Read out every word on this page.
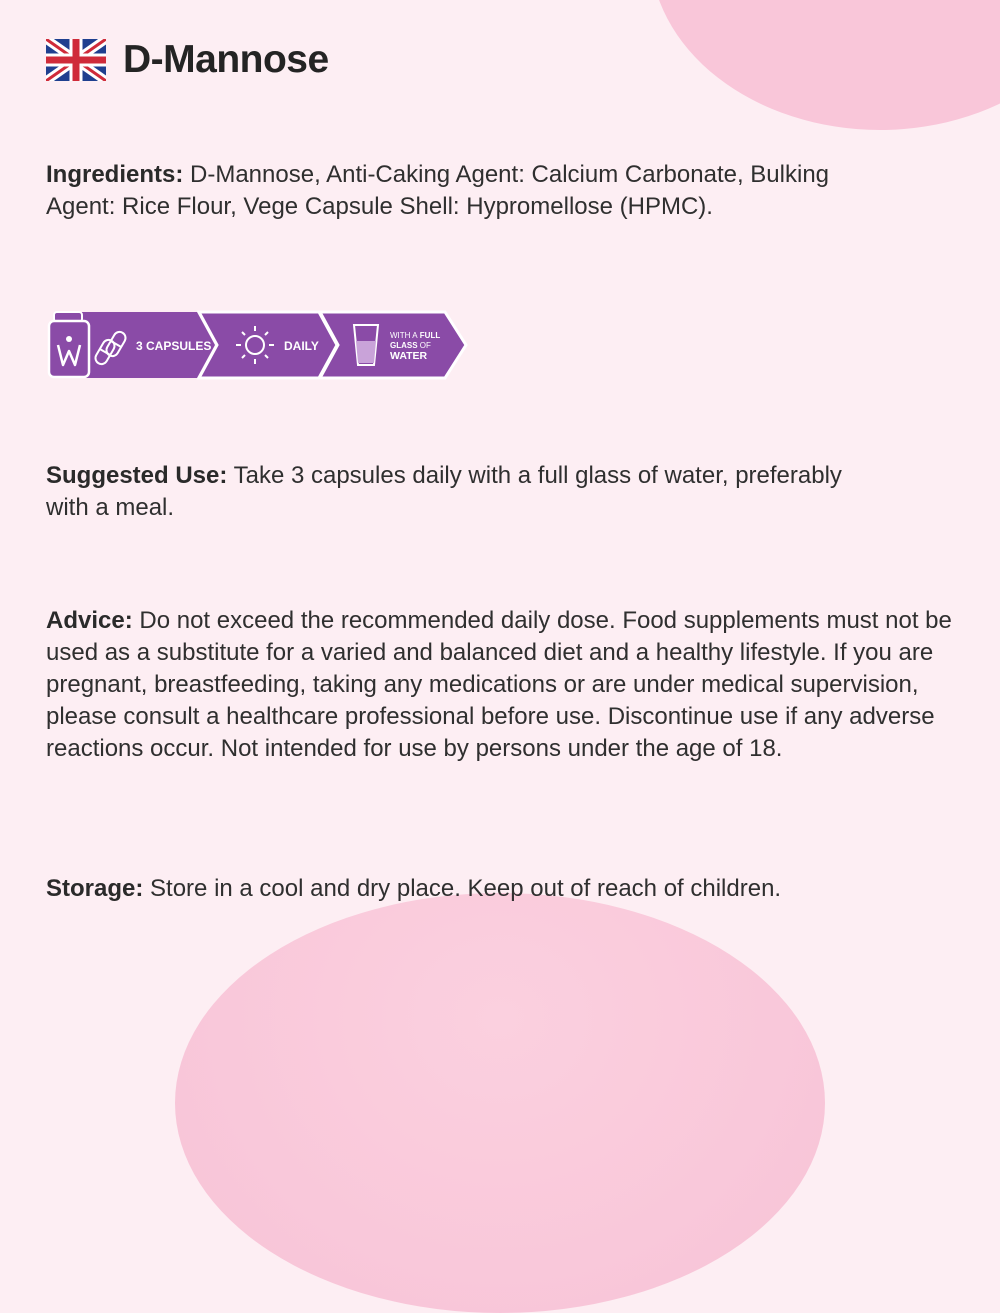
D-Mannose

Ingredients: D-Mannose, Anti-Caking Agent: Calcium Carbonate, Bulking Agent: Rice Flour, Vege Capsule Shell: Hypromellose (HPMC).

3 CAPSULES	DAILY
WITH A FULL
GLASS OF
WATER

Suggested Use: Take 3 capsules daily with a full glass of water, preferably with a meal.

Advice: Do not exceed the recommended daily dose. Food supplements must not be used as a substitute for a varied and balanced diet and a healthy lifestyle. If you are pregnant, breastfeeding, taking any medications or are under medical supervision, please consult a healthcare professional before use. Discontinue use if any adverse reactions occur. Not intended for use by persons under the age of 18.

Storage: Store in a cool and dry place. Keep out of reach of children.
